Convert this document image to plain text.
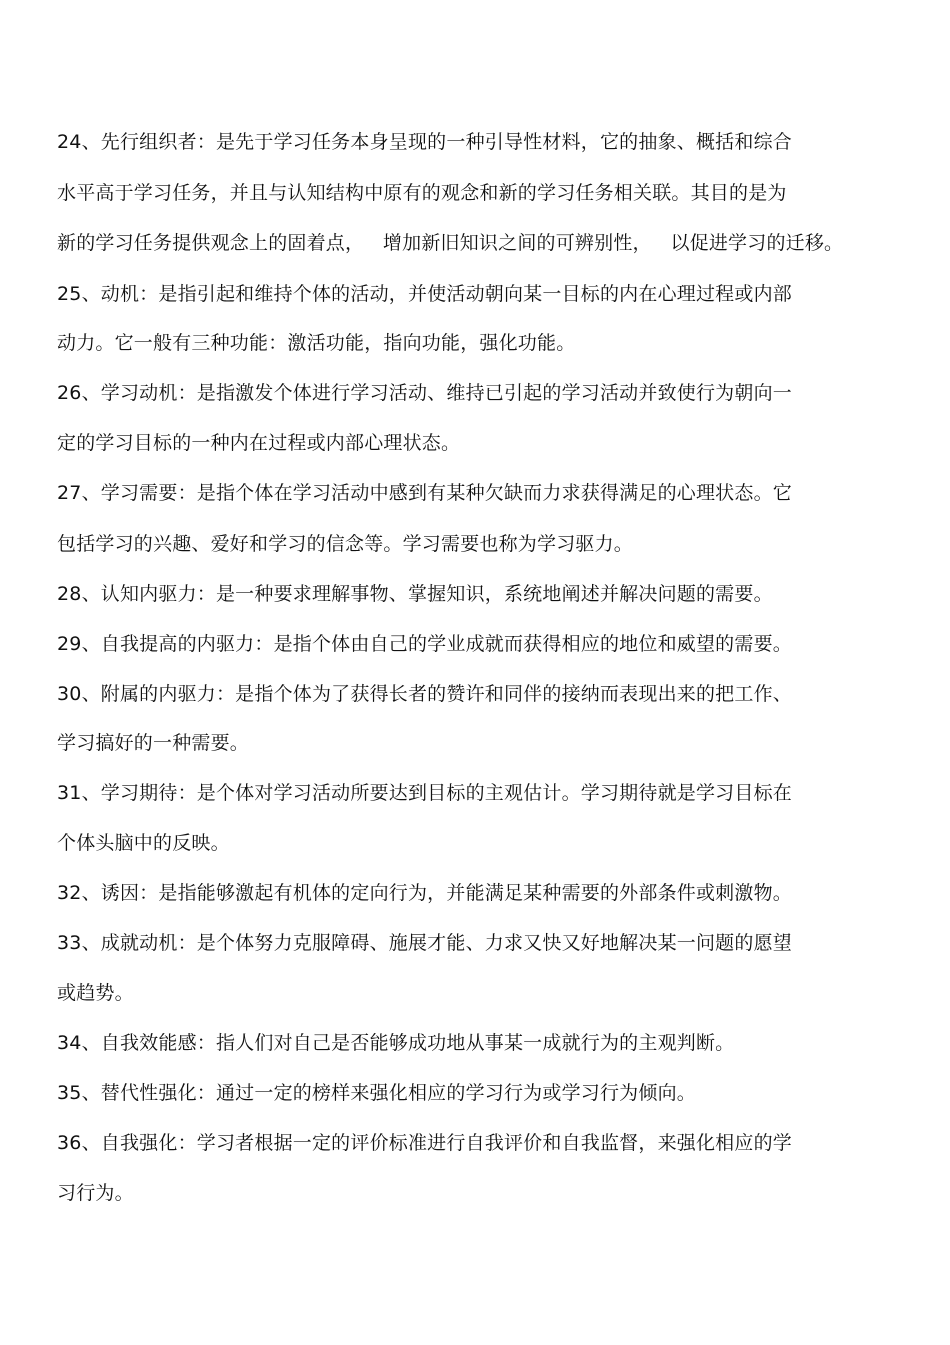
24、先行组织者：是先于学习任务本身呈现的一种引导性材料，它的抽象、概括和综合
水平高于学习任务，并且与认知结构中原有的观念和新的学习任务相关联。其目的是为
新的学习任务提供观念上的固着点，   增加新旧知识之间的可辨别性，   以促进学习的迁移。
25、动机：是指引起和维持个体的活动，并使活动朝向某一目标的内在心理过程或内部
动力。它一般有三种功能：激活功能，指向功能，强化功能。
26、学习动机：是指激发个体进行学习活动、维持已引起的学习活动并致使行为朝向一
定的学习目标的一种内在过程或内部心理状态。
27、学习需要：是指个体在学习活动中感到有某种欠缺而力求获得满足的心理状态。它
包括学习的兴趣、爱好和学习的信念等。学习需要也称为学习驱力。
28、认知内驱力：是一种要求理解事物、掌握知识，系统地阐述并解决问题的需要。
29、自我提高的内驱力：是指个体由自己的学业成就而获得相应的地位和威望的需要。
30、附属的内驱力：是指个体为了获得长者的赞许和同伴的接纳而表现出来的把工作、
学习搞好的一种需要。
31、学习期待：是个体对学习活动所要达到目标的主观估计。学习期待就是学习目标在
个体头脑中的反映。
32、诱因：是指能够激起有机体的定向行为，并能满足某种需要的外部条件或刺激物。
33、成就动机：是个体努力克服障碍、施展才能、力求又快又好地解决某一问题的愿望
或趋势。
34、自我效能感：指人们对自己是否能够成功地从事某一成就行为的主观判断。
35、替代性强化：通过一定的榜样来强化相应的学习行为或学习行为倾向。
36、自我强化：学习者根据一定的评价标准进行自我评价和自我监督，来强化相应的学
习行为。
